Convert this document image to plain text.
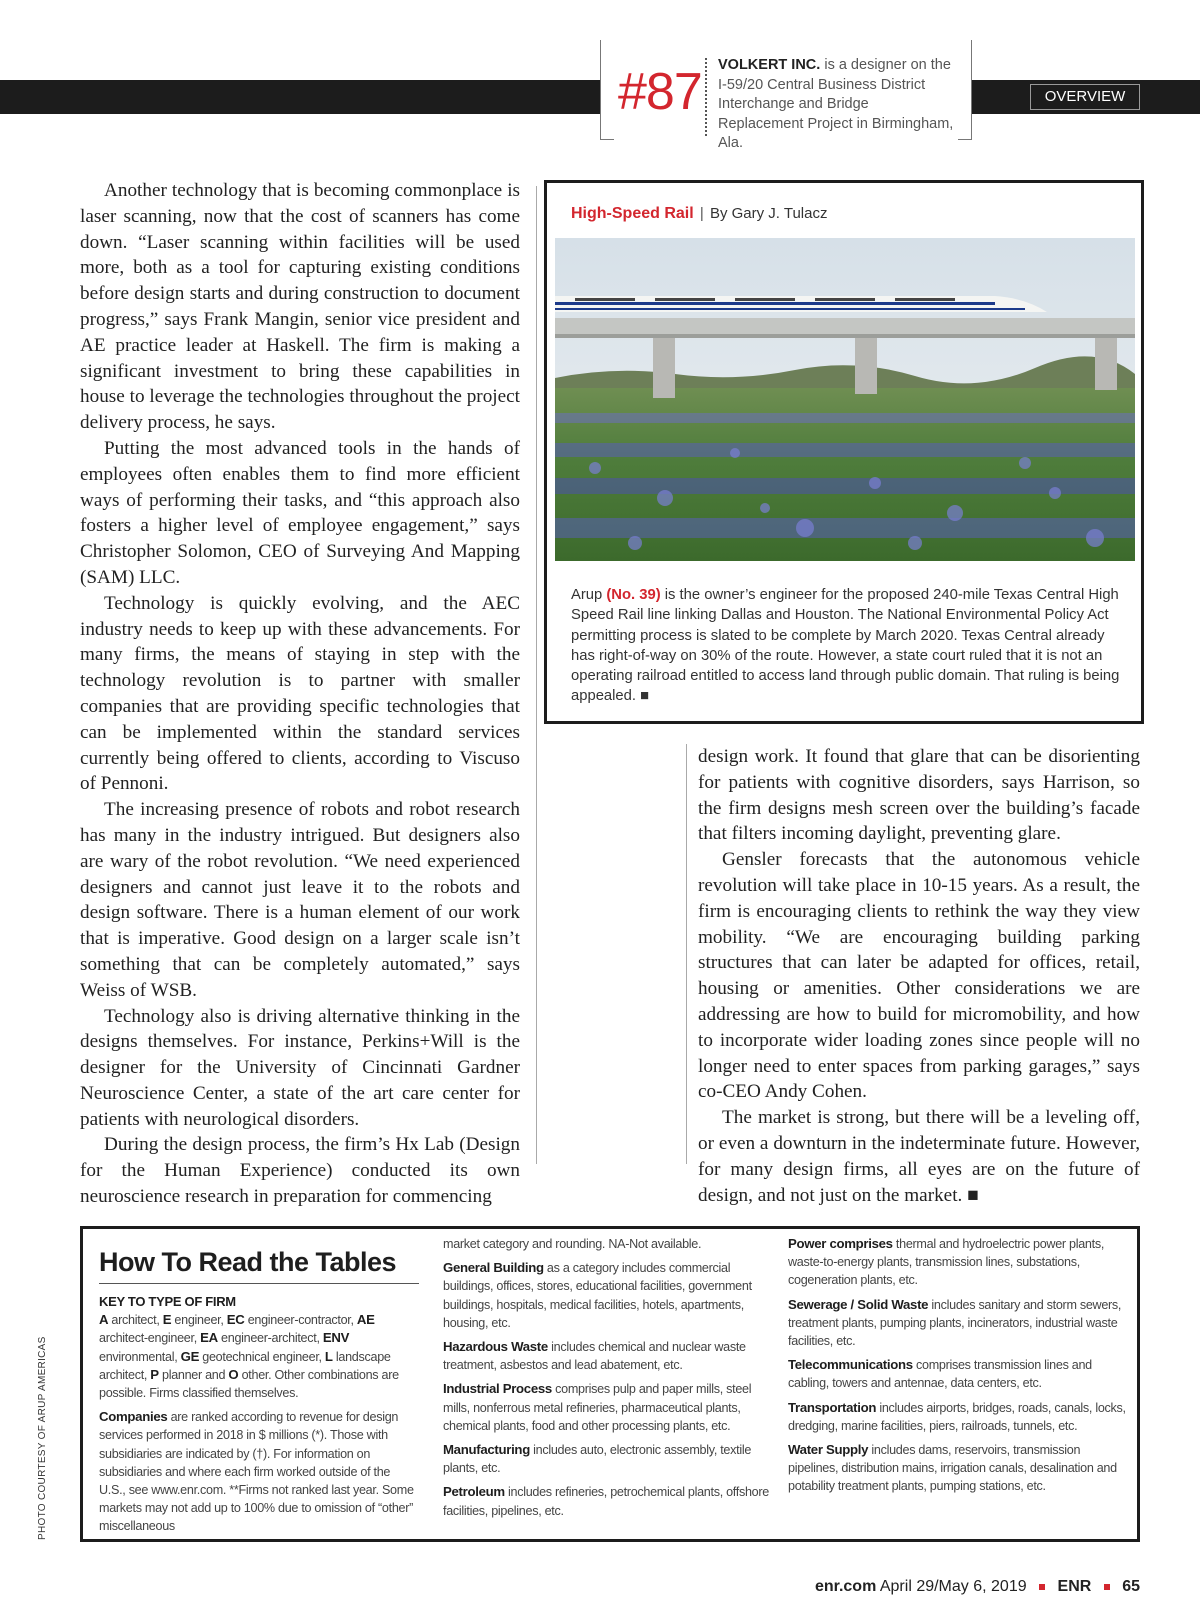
#87 VOLKERT INC. is a designer on the I-59/20 Central Business District Interchange and Bridge Replacement Project in Birmingham, Ala.
OVERVIEW

Another technology that is becoming commonplace is laser scanning, now that the cost of scanners has come down. “Laser scanning within facilities will be used more, both as a tool for capturing existing conditions before design starts and during construction to document progress,” says Frank Mangin, senior vice president and AE practice leader at Haskell. The firm is making a significant investment to bring these capabilities in house to leverage the technologies throughout the project delivery process, he says.

Putting the most advanced tools in the hands of employees often enables them to find more efficient ways of performing their tasks, and “this approach also fosters a higher level of employee engagement,” says Christopher Solomon, CEO of Surveying And Mapping (SAM) LLC.

Technology is quickly evolving, and the AEC industry needs to keep up with these advancements. For many firms, the means of staying in step with the technology revolution is to partner with smaller companies that are providing specific technologies that can be implemented within the standard services currently being offered to clients, according to Viscuso of Pennoni.

The increasing presence of robots and robot research has many in the industry intrigued. But designers also are wary of the robot revolution. “We need experienced designers and cannot just leave it to the robots and design software. There is a human element of our work that is imperative. Good design on a larger scale isn’t something that can be completely automated,” says Weiss of WSB.

Technology also is driving alternative thinking in the designs themselves. For instance, Perkins+Will is the designer for the University of Cincinnati Gardner Neuroscience Center, a state of the art care center for patients with neurological disorders.

During the design process, the firm’s Hx Lab (Design for the Human Experience) conducted its own neuroscience research in preparation for commencing

High-Speed Rail | By Gary J. Tulacz
Arup (No. 39) is the owner’s engineer for the proposed 240-mile Texas Central High Speed Rail line linking Dallas and Houston. The National Environmental Policy Act permitting process is slated to be complete by March 2020. Texas Central already has right-of-way on 30% of the route. However, a state court ruled that it is not an operating railroad entitled to access land through public domain. That ruling is being appealed. ■

design work. It found that glare that can be disorienting for patients with cognitive disorders, says Harrison, so the firm designs mesh screen over the building’s facade that filters incoming daylight, preventing glare.

Gensler forecasts that the autonomous vehicle revolution will take place in 10-15 years. As a result, the firm is encouraging clients to rethink the way they view mobility. “We are encouraging building parking structures that can later be adapted for offices, retail, housing or amenities. Other considerations we are addressing are how to build for micromobility, and how to incorporate wider loading zones since people will no longer need to enter spaces from parking garages,” says co-CEO Andy Cohen.

The market is strong, but there will be a leveling off, or even a downturn in the indeterminate future. However, for many design firms, all eyes are on the future of design, and not just on the market. ■

How To Read the Tables
KEY TO TYPE OF FIRM

A architect, E engineer, EC engineer-contractor, AE architect-engineer, EA engineer-architect, ENV environmental, GE geotechnical engineer, L landscape architect, P planner and O other. Other combinations are possible. Firms classified themselves.

Companies are ranked according to revenue for design services performed in 2018 in $ millions (*). Those with subsidiaries are indicated by (†). For information on subsidiaries and where each firm worked outside of the U.S., see www.enr.com. **Firms not ranked last year. Some markets may not add up to 100% due to omission of “other” miscellaneous

market category and rounding. NA-Not available.

General Building as a category includes commercial buildings, offices, stores, educational facilities, government buildings, hospitals, medical facilities, hotels, apartments, housing, etc.

Hazardous Waste includes chemical and nuclear waste treatment, asbestos and lead abatement, etc.

Industrial Process comprises pulp and paper mills, steel mills, nonferrous metal refineries, pharmaceutical plants, chemical plants, food and other processing plants, etc.

Manufacturing includes auto, electronic assembly, textile plants, etc.

Petroleum includes refineries, petrochemical plants, offshore facilities, pipelines, etc.

Power comprises thermal and hydroelectric power plants, waste-to-energy plants, transmission lines, substations, cogeneration plants, etc.

Sewerage / Solid Waste includes sanitary and storm sewers, treatment plants, pumping plants, incinerators, industrial waste facilities, etc.

Telecommunications comprises transmission lines and cabling, towers and antennae, data centers, etc.

Transportation includes airports, bridges, roads, canals, locks, dredging, marine facilities, piers, railroads, tunnels, etc.

Water Supply includes dams, reservoirs, transmission pipelines, distribution mains, irrigation canals, desalination and potability treatment plants, pumping stations, etc.

PHOTO COURTESY OF ARUP AMERICAS
enr.com April 29/May 6, 2019 ENR 65
